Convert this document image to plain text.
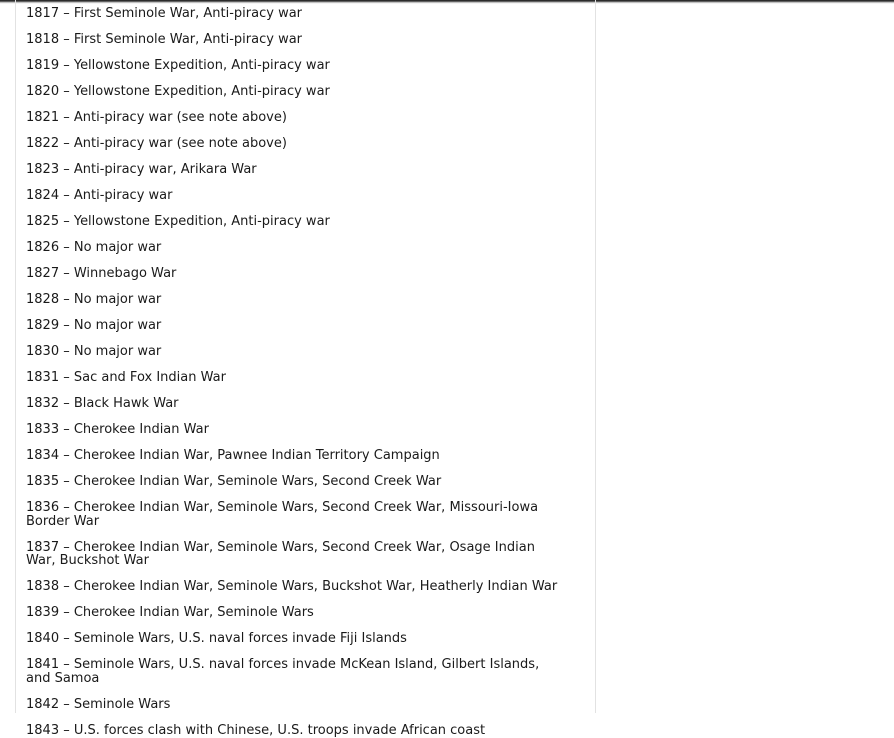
1817 – First Seminole War, Anti-piracy war
1818 – First Seminole War, Anti-piracy war
1819 – Yellowstone Expedition, Anti-piracy war
1820 – Yellowstone Expedition, Anti-piracy war
1821 – Anti-piracy war (see note above)
1822 – Anti-piracy war (see note above)
1823 – Anti-piracy war, Arikara War
1824 – Anti-piracy war
1825 – Yellowstone Expedition, Anti-piracy war
1826 – No major war
1827 – Winnebago War
1828 – No major war
1829 – No major war
1830 – No major war
1831 – Sac and Fox Indian War
1832 – Black Hawk War
1833 – Cherokee Indian War
1834 – Cherokee Indian War, Pawnee Indian Territory Campaign
1835 – Cherokee Indian War, Seminole Wars, Second Creek War
1836 – Cherokee Indian War, Seminole Wars, Second Creek War, Missouri-Iowa Border War
1837 – Cherokee Indian War, Seminole Wars, Second Creek War, Osage Indian War, Buckshot War
1838 – Cherokee Indian War, Seminole Wars, Buckshot War, Heatherly Indian War
1839 – Cherokee Indian War, Seminole Wars
1840 – Seminole Wars, U.S. naval forces invade Fiji Islands
1841 – Seminole Wars, U.S. naval forces invade McKean Island, Gilbert Islands, and Samoa
1842 – Seminole Wars
1843 – U.S. forces clash with Chinese, U.S. troops invade African coast
